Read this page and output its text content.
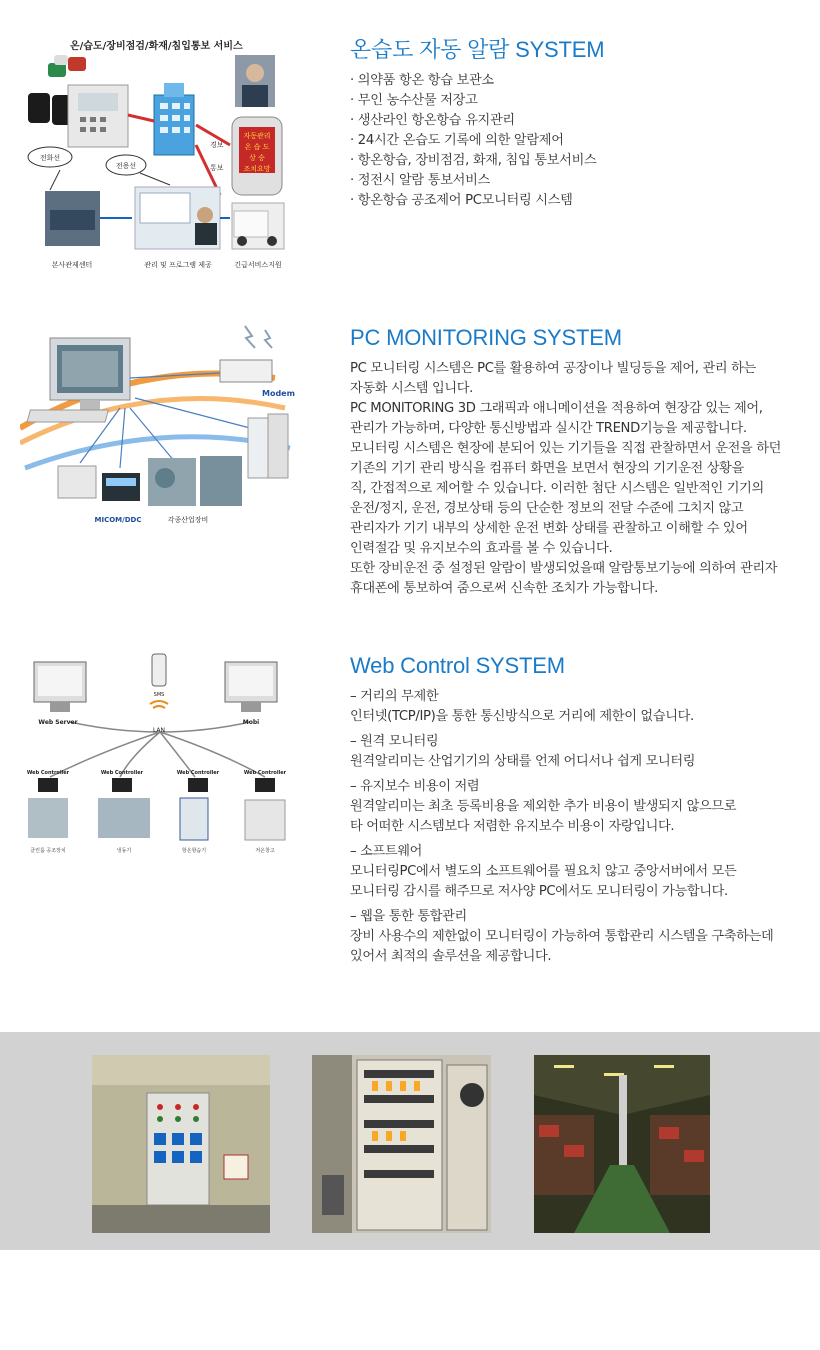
온/습도/장비점검/화재/침입통보 서비스
자동관리
온 습 도
상 승
조치요망
경보
통보
전화선
전용선
본사관제센터	관리 및 프로그램 제공	긴급서비스지원
온습도 자동 알람 SYSTEM
· 의약품 항온 항습 보관소
· 무인 농수산물 저장고
· 생산라인 항온항습 유지관리
· 24시간 온습도 기록에 의한 알람제어
· 항온항습, 장비점검, 화재, 침입 통보서비스
· 정전시 알람 통보서비스
· 항온항습 공조제어 PC모니터링 시스템
Modem
MICOM/DDC	각종산업장비
PC MONITORING SYSTEM
PC 모니터링 시스템은 PC를 활용하여 공장이나 빌딩등을 제어, 관리 하는
자동화 시스템 입니다.
PC MONITORING 3D 그래픽과 애니메이션을 적용하여 현장감 있는 제어,
관리가 가능하며, 다양한 통신방법과 실시간 TREND기능을 제공합니다.
모니터링 시스템은 현장에 분되어 있는 기기들을 직접 관찰하면서 운전을 하던
기존의 기기 관리 방식을 컴퓨터 화면을 보면서 현장의 기기운전 상황을
직, 간접적으로 제어할 수 있습니다. 이러한 첨단 시스템은 일반적인 기기의
운전/정지, 운전, 경보상태 등의 단순한 정보의 전달 수준에 그치지 않고
관리자가 기기 내부의 상세한 운전 변화 상태를 관찰하고 이해할 수 있어
인력절감 및 유지보수의 효과를 볼 수 있습니다.
또한 장비운전 중 설정된 알람이 발생되었을때 알람통보기능에 의하여 관리자
휴대폰에 통보하여 줌으로써 신속한 조치가 가능합니다.
Web Server
SMS
LAN
Mobi
Web Controller	Web Controller	Web Controller	Web Controller
클린룸 공조장치	냉동기	항온항습기	저온창고
Web Control SYSTEM
– 거리의 무제한
인터넷(TCP/IP)을 통한 통신방식으로 거리에 제한이 없습니다.
– 원격 모니터링
원격알리미는 산업기기의 상태를 언제 어디서나 쉽게 모니터링
– 유지보수 비용이 저렴
원격알리미는 최초 등록비용을 제외한 추가 비용이 발생되지 않으므로
타 어떠한 시스템보다 저렴한 유지보수 비용이 자랑입니다.
– 소프트웨어
모니터링PC에서 별도의 소프트웨어를 필요치 않고 중앙서버에서 모든
모니터링 감시를 해주므로 저사양 PC에서도 모니터링이 가능합니다.
– 웹을 통한 통합관리
장비 사용수의 제한없이 모니터링이 가능하여 통합관리 시스템을 구축하는데
있어서 최적의 솔루션을 제공합니다.
